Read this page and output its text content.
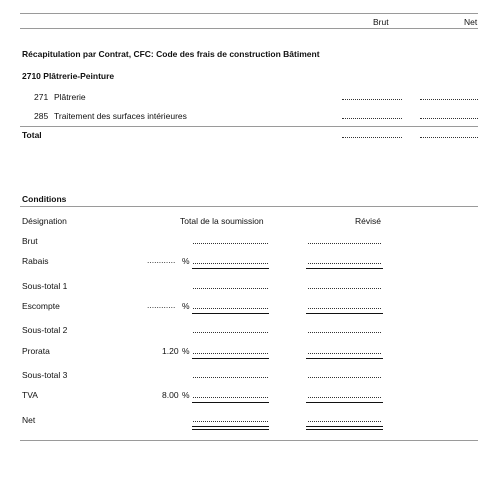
Brut	Net
Récapitulation par Contrat, CFC: Code des frais de construction Bâtiment
2710 Plâtrerie-Peinture
271 Plâtrerie
285 Traitement des surfaces intérieures
Total
Conditions
Désignation	Total de la soumission	Révisé
Brut
Rabais	............ %
Sous-total 1
Escompte	............ %
Sous-total 2
Prorata	1.20 %
Sous-total 3
TVA	8.00 %
Net
